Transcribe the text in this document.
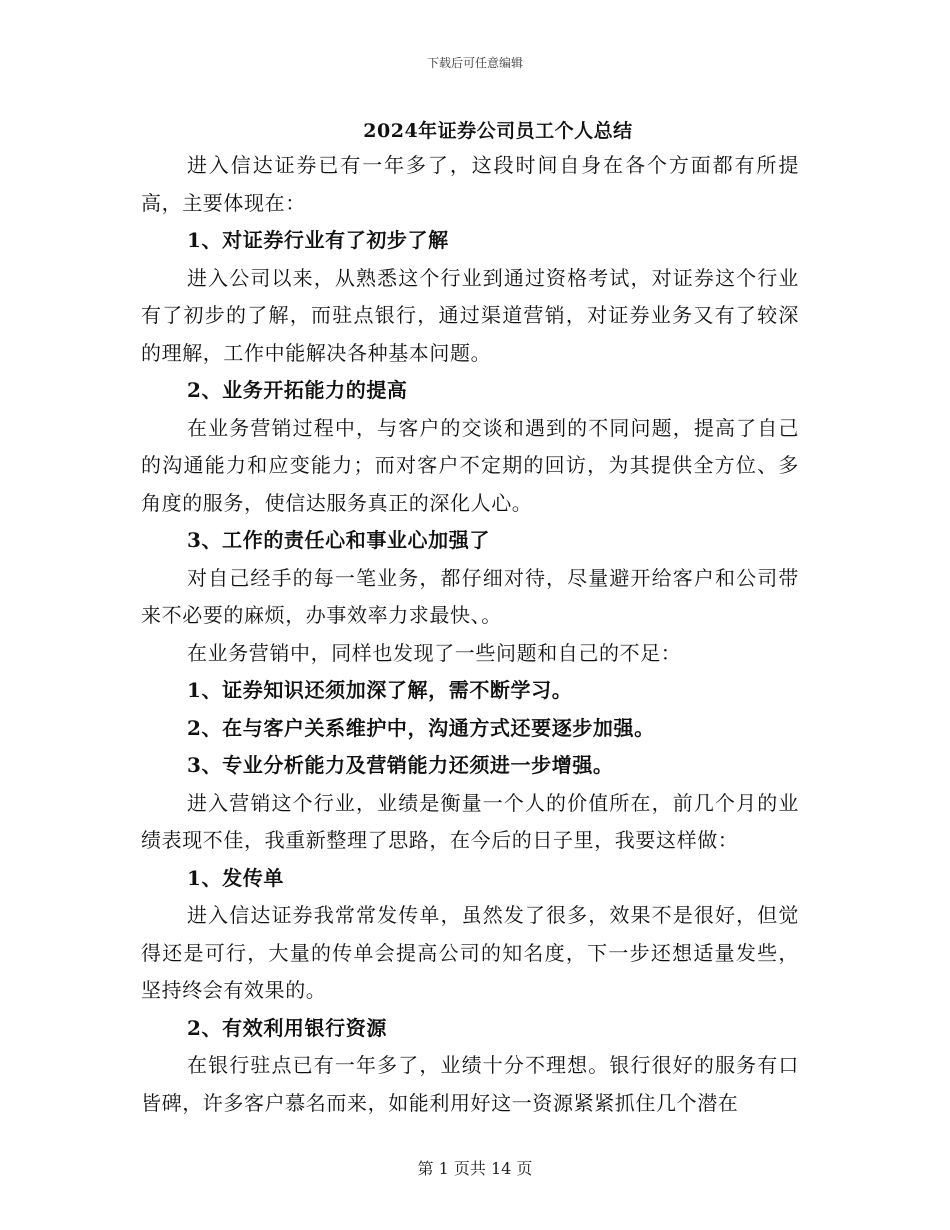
下载后可任意编辑
2024年证券公司员工个人总结

进入信达证券已有一年多了，这段时间自身在各个方面都有所提高，主要体现在：

1、对证券行业有了初步了解

进入公司以来，从熟悉这个行业到通过资格考试，对证券这个行业有了初步的了解，而驻点银行，通过渠道营销，对证券业务又有了较深的理解，工作中能解决各种基本问题。

2、业务开拓能力的提高

在业务营销过程中，与客户的交谈和遇到的不同问题，提高了自己的沟通能力和应变能力；而对客户不定期的回访，为其提供全方位、多角度的服务，使信达服务真正的深化人心。

3、工作的责任心和事业心加强了

对自己经手的每一笔业务，都仔细对待，尽量避开给客户和公司带来不必要的麻烦，办事效率力求最快、。

在业务营销中，同样也发现了一些问题和自己的不足：

1、证券知识还须加深了解，需不断学习。

2、在与客户关系维护中，沟通方式还要逐步加强。

3、专业分析能力及营销能力还须进一步增强。

进入营销这个行业，业绩是衡量一个人的价值所在，前几个月的业绩表现不佳，我重新整理了思路，在今后的日子里，我要这样做：

1、发传单

进入信达证券我常常发传单，虽然发了很多，效果不是很好，但觉得还是可行，大量的传单会提高公司的知名度，下一步还想适量发些，坚持终会有效果的。

2、有效利用银行资源

在银行驻点已有一年多了，业绩十分不理想。银行很好的服务有口皆碑，许多客户慕名而来，如能利用好这一资源紧紧抓住几个潜在

第 1 页共 14 页
